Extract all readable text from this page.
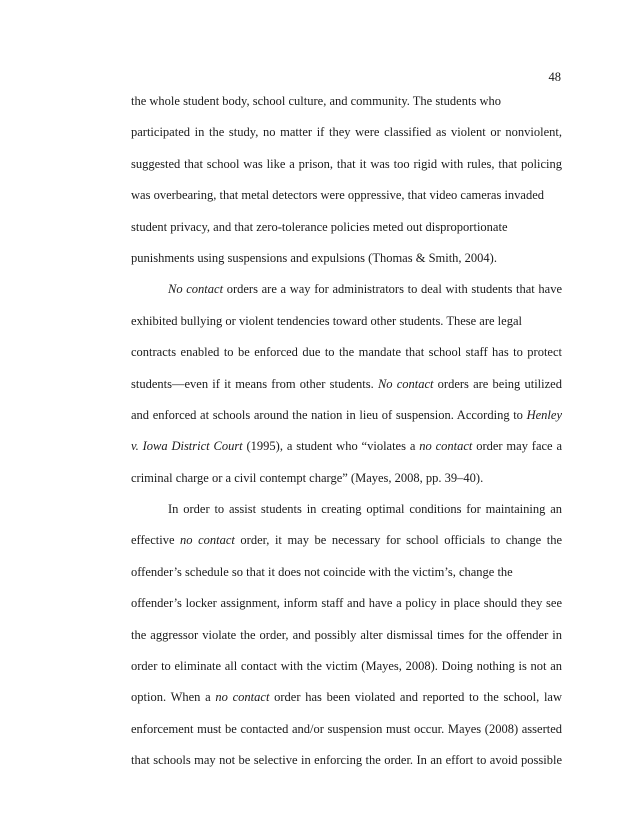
48
the whole student body, school culture, and community. The students who
participated in the study, no matter if they were classified as violent or nonviolent,
suggested that school was like a prison, that it was too rigid with rules, that policing
was overbearing, that metal detectors were oppressive, that video cameras invaded
student privacy, and that zero-tolerance policies meted out disproportionate
punishments using suspensions and expulsions (Thomas & Smith, 2004).
No contact orders are a way for administrators to deal with students that have
exhibited bullying or violent tendencies toward other students. These are legal
contracts enabled to be enforced due to the mandate that school staff has to protect
students—even if it means from other students. No contact orders are being utilized
and enforced at schools around the nation in lieu of suspension. According to Henley
v. Iowa District Court (1995), a student who “violates a no contact order may face a
criminal charge or a civil contempt charge” (Mayes, 2008, pp. 39–40).
In order to assist students in creating optimal conditions for maintaining an
effective no contact order, it may be necessary for school officials to change the
offender’s schedule so that it does not coincide with the victim’s, change the
offender’s locker assignment, inform staff and have a policy in place should they see
the aggressor violate the order, and possibly alter dismissal times for the offender in
order to eliminate all contact with the victim (Mayes, 2008). Doing nothing is not an
option. When a no contact order has been violated and reported to the school, law
enforcement must be contacted and/or suspension must occur. Mayes (2008) asserted
that schools may not be selective in enforcing the order. In an effort to avoid possible
